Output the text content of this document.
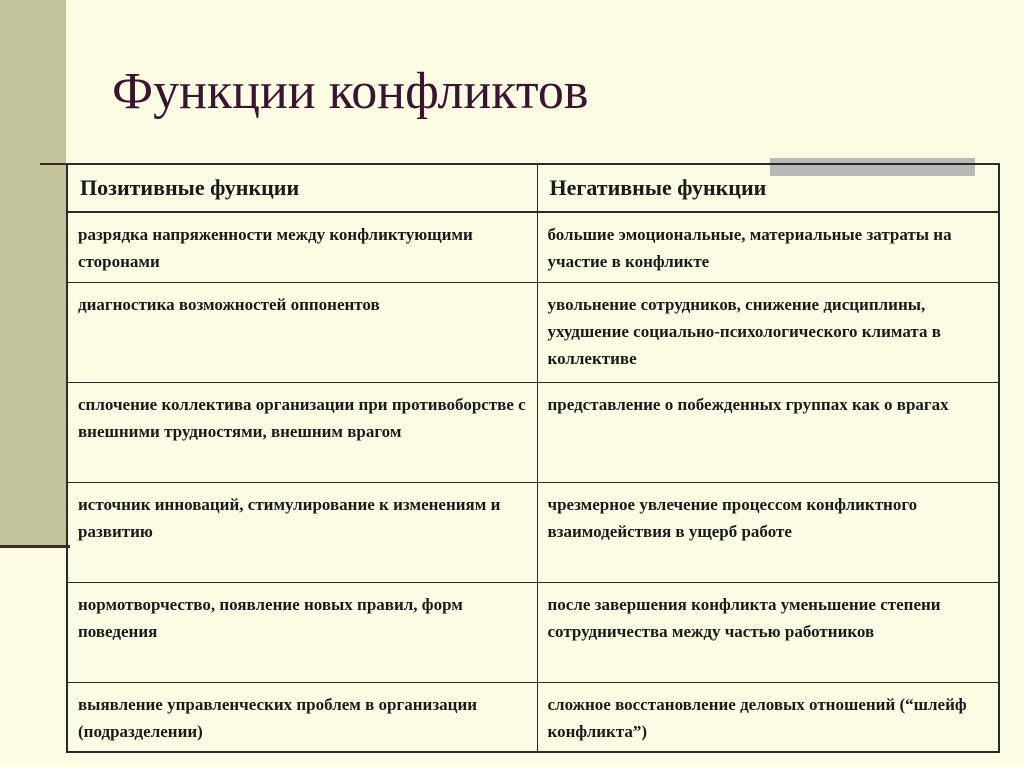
Функции конфликтов
Позитивные функции	Негативные функции
разрядка напряженности между конфликтующими сторонами	большие эмоциональные, материальные затраты на участие в конфликте
диагностика возможностей оппонентов	увольнение сотрудников, снижение дисциплины, ухудшение социально-психологического климата в коллективе
сплочение коллектива организации при противоборстве с внешними трудностями, внешним врагом	представление о побежденных группах как о врагах
источник инноваций, стимулирование к изменениям и развитию	чрезмерное увлечение процессом конфликтного взаимодействия в ущерб работе
нормотворчество, появление новых правил, форм поведения	после завершения конфликта уменьшение степени сотрудничества между частью работников
выявление управленческих проблем в организации (подразделении)	сложное восстановление деловых отношений (“шлейф конфликта”)
